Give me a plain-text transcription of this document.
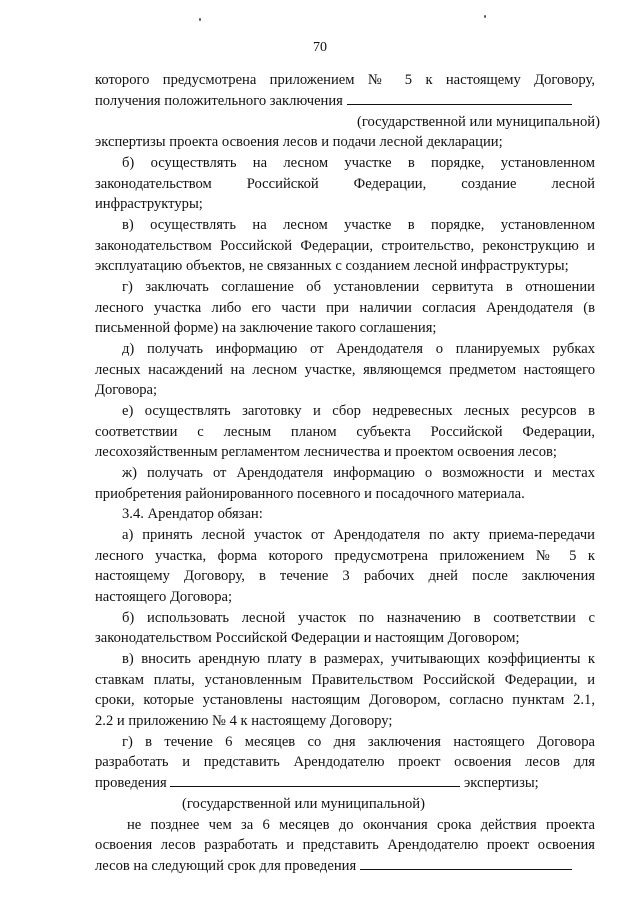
70
которого предусмотрена приложением № 5 к настоящему Договору,
получения положительного заключения
(государственной или муниципальной)
экспертизы проекта освоения лесов и подачи лесной декларации;
б) осуществлять на лесном участке в порядке, установленном
законодательством Российской Федерации, создание лесной
инфраструктуры;
в) осуществлять на лесном участке в порядке, установленном
законодательством Российской Федерации, строительство, реконструкцию и
эксплуатацию объектов, не связанных с созданием лесной инфраструктуры;
г) заключать соглашение об установлении сервитута в отношении
лесного участка либо его части при наличии согласия Арендодателя (в
письменной форме) на заключение такого соглашения;
д) получать информацию от Арендодателя о планируемых рубках
лесных насаждений на лесном участке, являющемся предметом настоящего
Договора;
е) осуществлять заготовку и сбор недревесных лесных ресурсов в
соответствии с лесным планом субъекта Российской Федерации,
лесохозяйственным регламентом лесничества и проектом освоения лесов;
ж) получать от Арендодателя информацию о возможности и местах
приобретения районированного посевного и посадочного материала.
3.4. Арендатор обязан:
а) принять лесной участок от Арендодателя по акту приема-передачи
лесного участка, форма которого предусмотрена приложением № 5 к
настоящему Договору, в течение 3 рабочих дней после заключения
настоящего Договора;
б) использовать лесной участок по назначению в соответствии с
законодательством Российской Федерации и настоящим Договором;
в) вносить арендную плату в размерах, учитывающих коэффициенты к
ставкам платы, установленным Правительством Российской Федерации, и
сроки, которые установлены настоящим Договором, согласно пунктам 2.1,
2.2 и приложению № 4 к настоящему Договору;
г) в течение 6 месяцев со дня заключения настоящего Договора
разработать и представить Арендодателю проект освоения лесов для
проведения	экспертизы;
(государственной или муниципальной)
не позднее чем за 6 месяцев до окончания срока действия проекта
освоения лесов разработать и представить Арендодателю проект освоения
лесов на следующий срок для проведения
